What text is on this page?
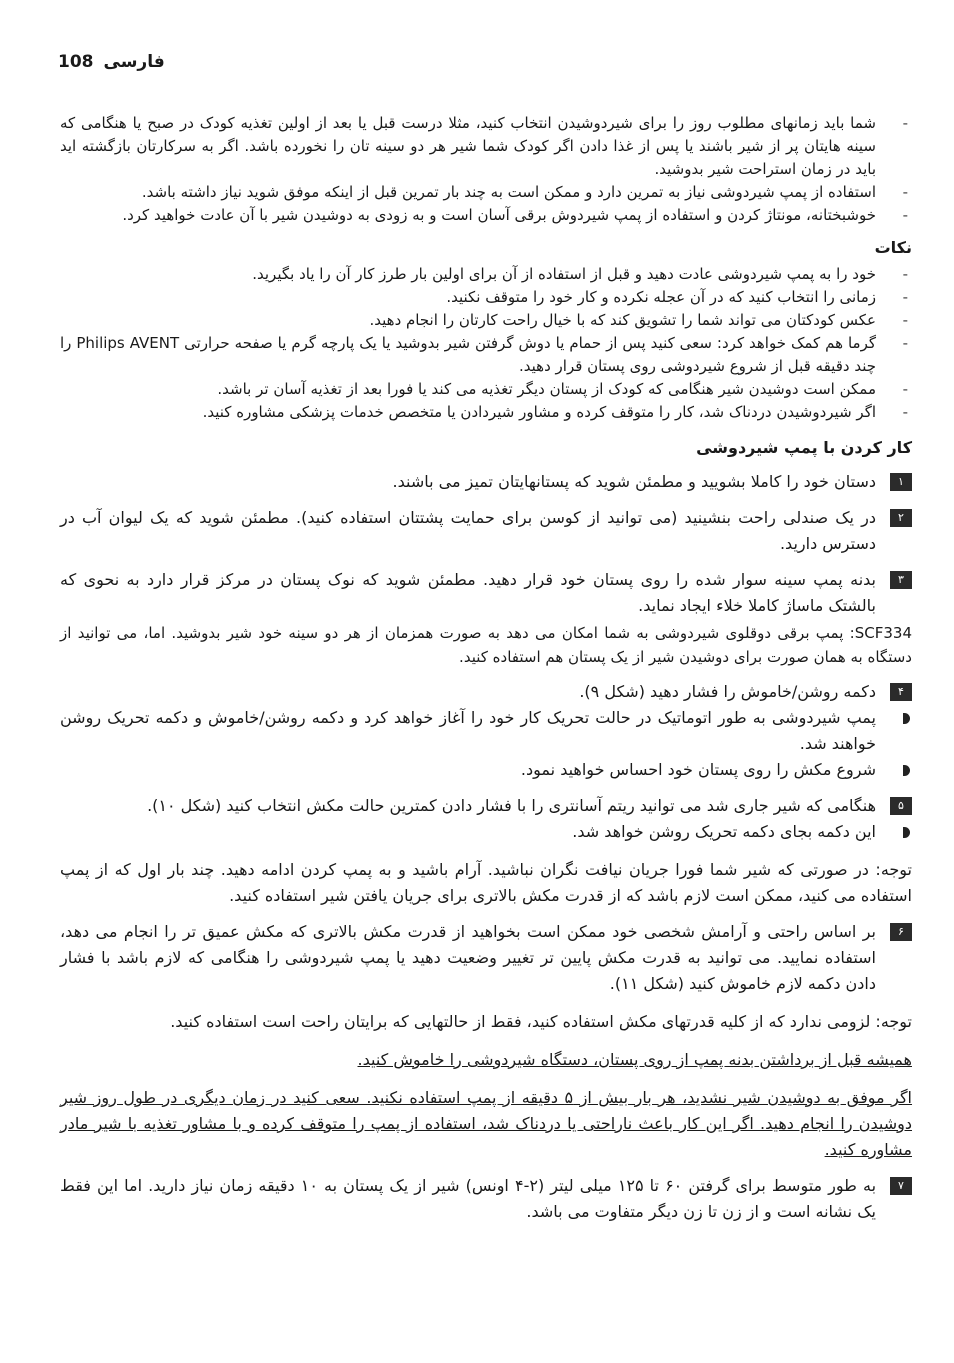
108 فارسی
- شما باید زمانهای مطلوب روز را برای شیردوشیدن انتخاب کنید، مثلا درست قبل یا بعد از اولین تغذیه کودک در صبح یا هنگامی که سینه هایتان پر از شیر باشند یا پس از غذا دادن اگر کودک شما شیر هر دو سینه تان را نخورده باشد. اگر به سرکارتان بازگشته اید باید در زمان استراحت شیر بدوشید.
- استفاده از پمپ شیردوشی نیاز به تمرین دارد و ممکن است به چند بار تمرین قبل از اینکه موفق شوید نیاز داشته باشد.
- خوشبختانه، مونتاژ کردن و استفاده از پمپ شیردوش برقی آسان است و به زودی به دوشیدن شیر با آن عادت خواهید کرد.
نکات
- خود را به پمپ شیردوشی عادت دهید و قبل از استفاده از آن برای اولین بار طرز کار آن را یاد بگیرید.
- زمانی را انتخاب کنید که در آن عجله نکرده و کار خود را متوقف نکنید.
- عکس کودکتان می تواند شما را تشویق کند که با خیال راحت کارتان را انجام دهید.
- گرما هم کمک خواهد کرد: سعی کنید پس از حمام یا دوش گرفتن شیر بدوشید یا یک پارچه گرم یا صفحه حرارتی Philips AVENT را چند دقیقه قبل از شروع شیردوشی روی پستان قرار دهید.
- ممکن است دوشیدن شیر هنگامی که کودک از پستان دیگر تغذیه می کند یا فورا بعد از تغذیه آسان تر باشد.
- اگر شیردوشیدن دردناک شد، کار را متوقف کرده و مشاور شیردادن یا متخصص خدمات پزشکی مشاوره کنید.
کار کردن با پمپ شیردوشی
۱
دستان خود را کاملا بشویید و مطمئن شوید که پستانهایتان تمیز می باشند.
۲
در یک صندلی راحت بنشینید (می توانید از کوسن برای حمایت پشتتان استفاده کنید). مطمئن شوید که یک لیوان آب در دسترس دارید.
۳
بدنه پمپ سینه سوار شده را روی پستان خود قرار دهید. مطمئن شوید که نوک پستان در مرکز قرار دارد به نحوی که بالشتک ماساژ کاملا خلاء ایجاد نماید.
SCF334: پمپ برقی دوقلوی شیردوشی به شما امکان می دهد به صورت همزمان از هر دو سینه خود شیر بدوشید. اما، می توانید از دستگاه به همان صورت برای دوشیدن شیر از یک پستان هم استفاده کنید.
۴
دکمه روشن/خاموش را فشار دهید (شکل ۹).
پمپ شیردوشی به طور اتوماتیک در حالت تحریک کار خود را آغاز خواهد کرد و دکمه روشن/خاموش و دکمه تحریک روشن خواهند شد.
شروع مکش را روی پستان خود احساس خواهید نمود.
۵
هنگامی که شیر جاری شد می توانید ریتم آسانتری را با فشار دادن کمترین حالت مکش انتخاب کنید (شکل ۱۰).
این دکمه بجای دکمه تحریک روشن خواهد شد.
توجه: در صورتی که شیر شما فورا جریان نیافت نگران نباشید. آرام باشید و به پمپ کردن ادامه دهید. چند بار اول که از پمپ استفاده می کنید، ممکن است لازم باشد که از قدرت مکش بالاتری برای جریان یافتن شیر استفاده کنید.
۶
بر اساس راحتی و آرامش شخصی خود ممکن است بخواهید از قدرت مکش بالاتری که مکش عمیق تر را انجام می دهد، استفاده نمایید. می توانید به قدرت مکش پایین تر تغییر وضعیت دهید یا پمپ شیردوشی را هنگامی که لازم باشد با فشار دادن دکمه لازم خاموش کنید (شکل ۱۱).
توجه: لزومی ندارد که از کلیه قدرتهای مکش استفاده کنید، فقط از حالتهایی که برایتان راحت است استفاده کنید.
همیشه قبل از برداشتن بدنه پمپ از روی پستان، دستگاه شیردوشی را خاموش کنید.
اگر موفق به دوشیدن شیر نشدید، هر بار بیش از ۵ دقیقه از پمپ استفاده نکنید. سعی کنید در زمان دیگری در طول روز شیر دوشیدن را انجام دهید. اگر این کار باعث ناراحتی یا دردناک شد، استفاده از پمپ را متوقف کرده و با مشاور تغذیه با شیر مادر مشاوره کنید.
۷
به طور متوسط برای گرفتن ۶۰ تا ۱۲۵ میلی لیتر (۲-۴ اونس) شیر از یک پستان به ۱۰ دقیقه زمان نیاز دارید. اما این فقط یک نشانه است و از زن تا زن دیگر متفاوت می باشد.
